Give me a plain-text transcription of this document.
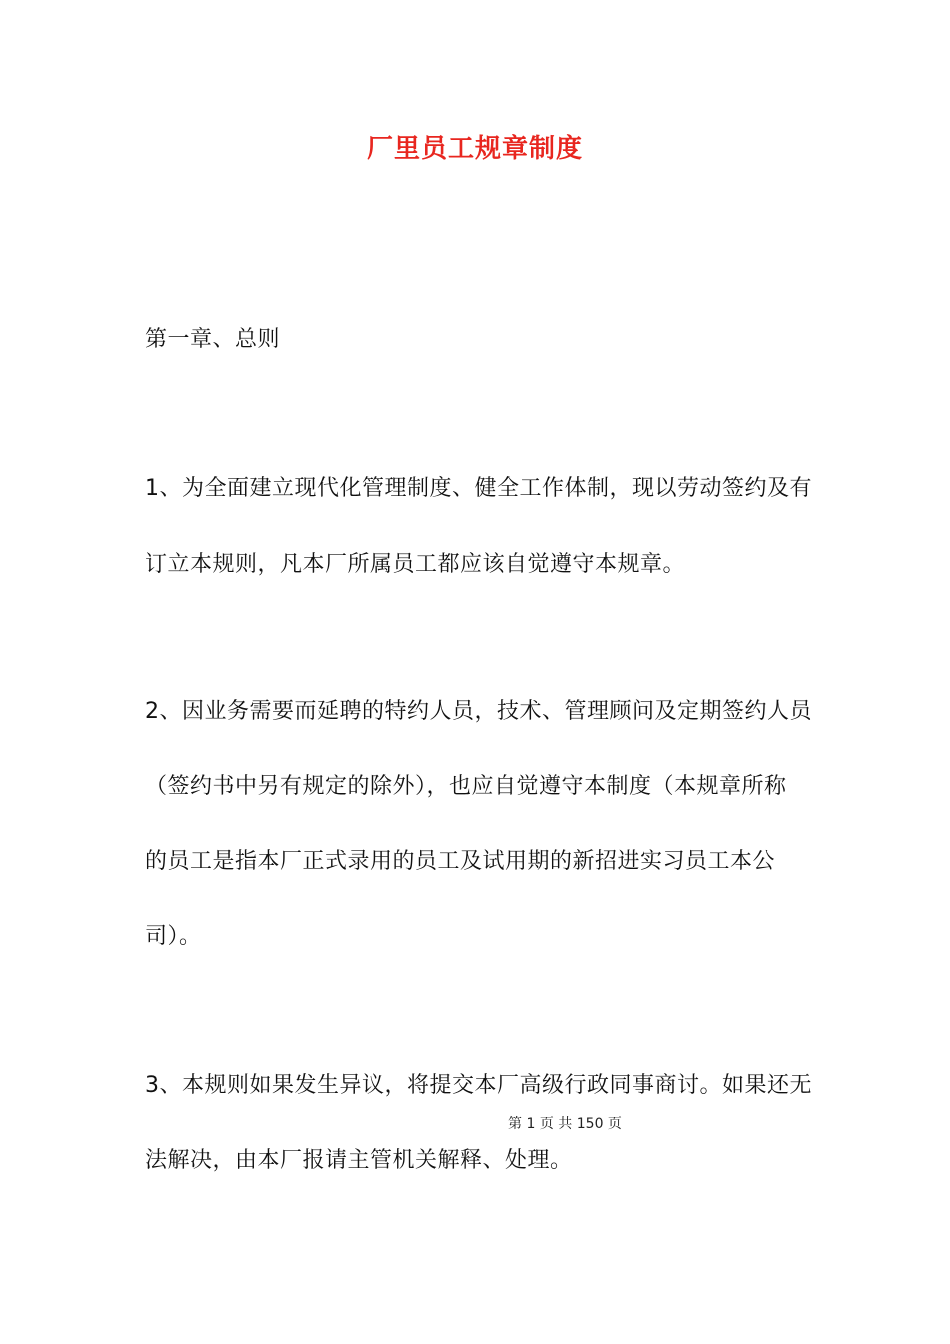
厂里员工规章制度
第一章、总则
1、为全面建立现代化管理制度、健全工作体制，现以劳动签约及有
订立本规则，凡本厂所属员工都应该自觉遵守本规章。
2、因业务需要而延聘的特约人员，技术、管理顾问及定期签约人员
（签约书中另有规定的除外），也应自觉遵守本制度（本规章所称
的员工是指本厂正式录用的员工及试用期的新招进实习员工本公
司）。
3、本规则如果发生异议，将提交本厂高级行政同事商讨。如果还无
法解决，由本厂报请主管机关解释、处理。
第 1 页 共 150 页
